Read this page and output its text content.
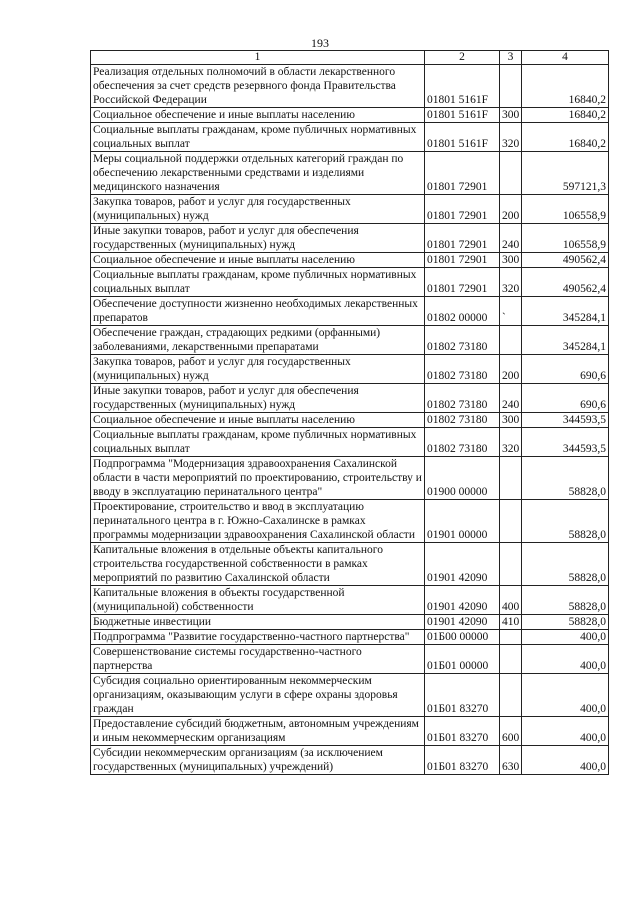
193
1	2	3	4
Реализация отдельных полномочий в области лекарственного обеспечения за счет средств резервного фонда Правительства Российской Федерации	01801 5161F		16840,2
Социальное обеспечение и иные выплаты населению	01801 5161F	300	16840,2
Социальные выплаты гражданам, кроме публичных нормативных социальных выплат	01801 5161F	320	16840,2
Меры социальной поддержки отдельных категорий граждан по обеспечению лекарственными средствами и изделиями медицинского назначения	01801 72901		597121,3
Закупка товаров, работ и услуг для государственных (муниципальных) нужд	01801 72901	200	106558,9
Иные закупки товаров, работ и услуг для обеспечения государственных (муниципальных) нужд	01801 72901	240	106558,9
Социальное обеспечение и иные выплаты населению	01801 72901	300	490562,4
Социальные выплаты гражданам, кроме публичных нормативных социальных выплат	01801 72901	320	490562,4
Обеспечение доступности жизненно необходимых лекарственных препаратов	01802 00000	`	345284,1
Обеспечение граждан, страдающих редкими (орфанными) заболеваниями, лекарственными препаратами	01802 73180		345284,1
Закупка товаров, работ и услуг для государственных (муниципальных) нужд	01802 73180	200	690,6
Иные закупки товаров, работ и услуг для обеспечения государственных (муниципальных) нужд	01802 73180	240	690,6
Социальное обеспечение и иные выплаты населению	01802 73180	300	344593,5
Социальные выплаты гражданам, кроме публичных нормативных социальных выплат	01802 73180	320	344593,5
Подпрограмма "Модернизация здравоохранения Сахалинской области в части мероприятий по проектированию, строительству и вводу в эксплуатацию перинатального центра"	01900 00000		58828,0
Проектирование, строительство и ввод в эксплуатацию перинатального центра в г. Южно-Сахалинске в рамках программы модернизации здравоохранения Сахалинской области	01901 00000		58828,0
Капитальные вложения в отдельные объекты капитального строительства государственной собственности в рамках мероприятий по развитию Сахалинской области	01901 42090		58828,0
Капитальные вложения в объекты государственной (муниципальной) собственности	01901 42090	400	58828,0
Бюджетные инвестиции	01901 42090	410	58828,0
Подпрограмма "Развитие государственно-частного партнерства"	01Б00 00000		400,0
Совершенствование системы государственно-частного партнерства	01Б01 00000		400,0
Субсидия социально ориентированным некоммерческим организациям, оказывающим услуги в сфере охраны здоровья граждан	01Б01 83270		400,0
Предоставление субсидий бюджетным, автономным учреждениям и иным некоммерческим организациям	01Б01 83270	600	400,0
Субсидии некоммерческим организациям (за исключением государственных (муниципальных) учреждений)	01Б01 83270	630	400,0
